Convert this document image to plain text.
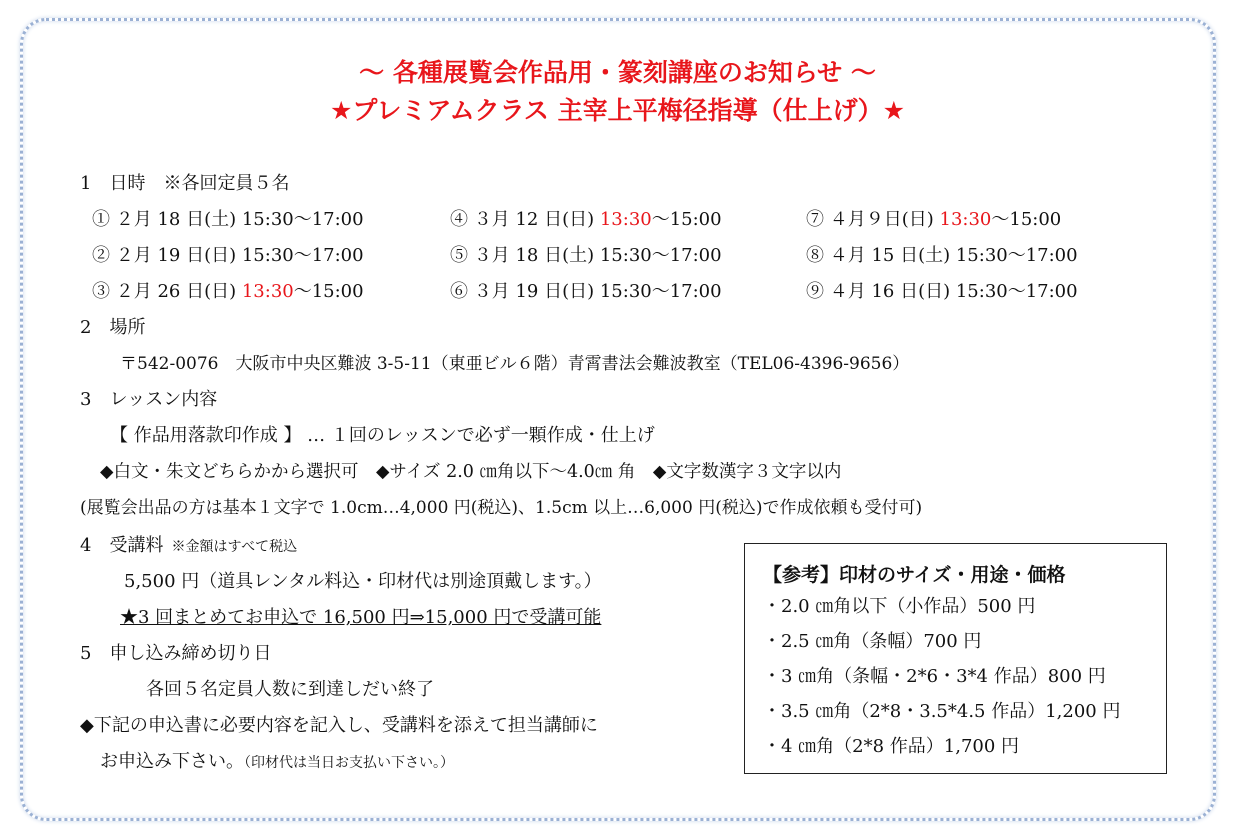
～ 各種展覧会作品用・篆刻講座のお知らせ ～
★プレミアムクラス 主宰上平梅径指導（仕上げ）★
1　日時　※各回定員５名
① ２月 18 日(土) 15:30～17:00
② ２月 19 日(日) 15:30～17:00
③ ２月 26 日(日) 13:30～15:00
④ ３月 12 日(日) 13:30～15:00
⑤ ３月 18 日(土) 15:30～17:00
⑥ ３月 19 日(日) 15:30～17:00
⑦ ４月９日(日) 13:30～15:00
⑧ ４月 15 日(土) 15:30～17:00
⑨ ４月 16 日(日) 15:30～17:00
2　場所
〒542-0076　大阪市中央区難波 3-5-11（東亜ビル６階）青霄書法会難波教室（TEL06-4396-9656）
3　レッスン内容
【 作品用落款印作成 】 … １回のレッスンで必ず一顆作成・仕上げ
◆白文・朱文どちらかから選択可　◆サイズ 2.0 ㎝角以下～4.0㎝ 角　◆文字数漢字３文字以内
(展覧会出品の方は基本１文字で 1.0cm…4,000 円(税込)、1.5cm 以上…6,000 円(税込)で作成依頼も受付可)
4　受講料 ※金額はすべて税込
5,500 円（道具レンタル料込・印材代は別途頂戴します。）
★3 回まとめてお申込で 16,500 円⇒15,000 円で受講可能
5　申し込み締め切り日
各回５名定員人数に到達しだい終了
◆下記の申込書に必要内容を記入し、受講料を添えて担当講師に
お申込み下さい。（印材代は当日お支払い下さい。）
【参考】印材のサイズ・用途・価格
・2.0 ㎝角以下（小作品）500 円
・2.5 ㎝角（条幅）700 円
・3 ㎝角（条幅・2*6・3*4 作品）800 円
・3.5 ㎝角（2*8・3.5*4.5 作品）1,200 円
・4 ㎝角（2*8 作品）1,700 円
